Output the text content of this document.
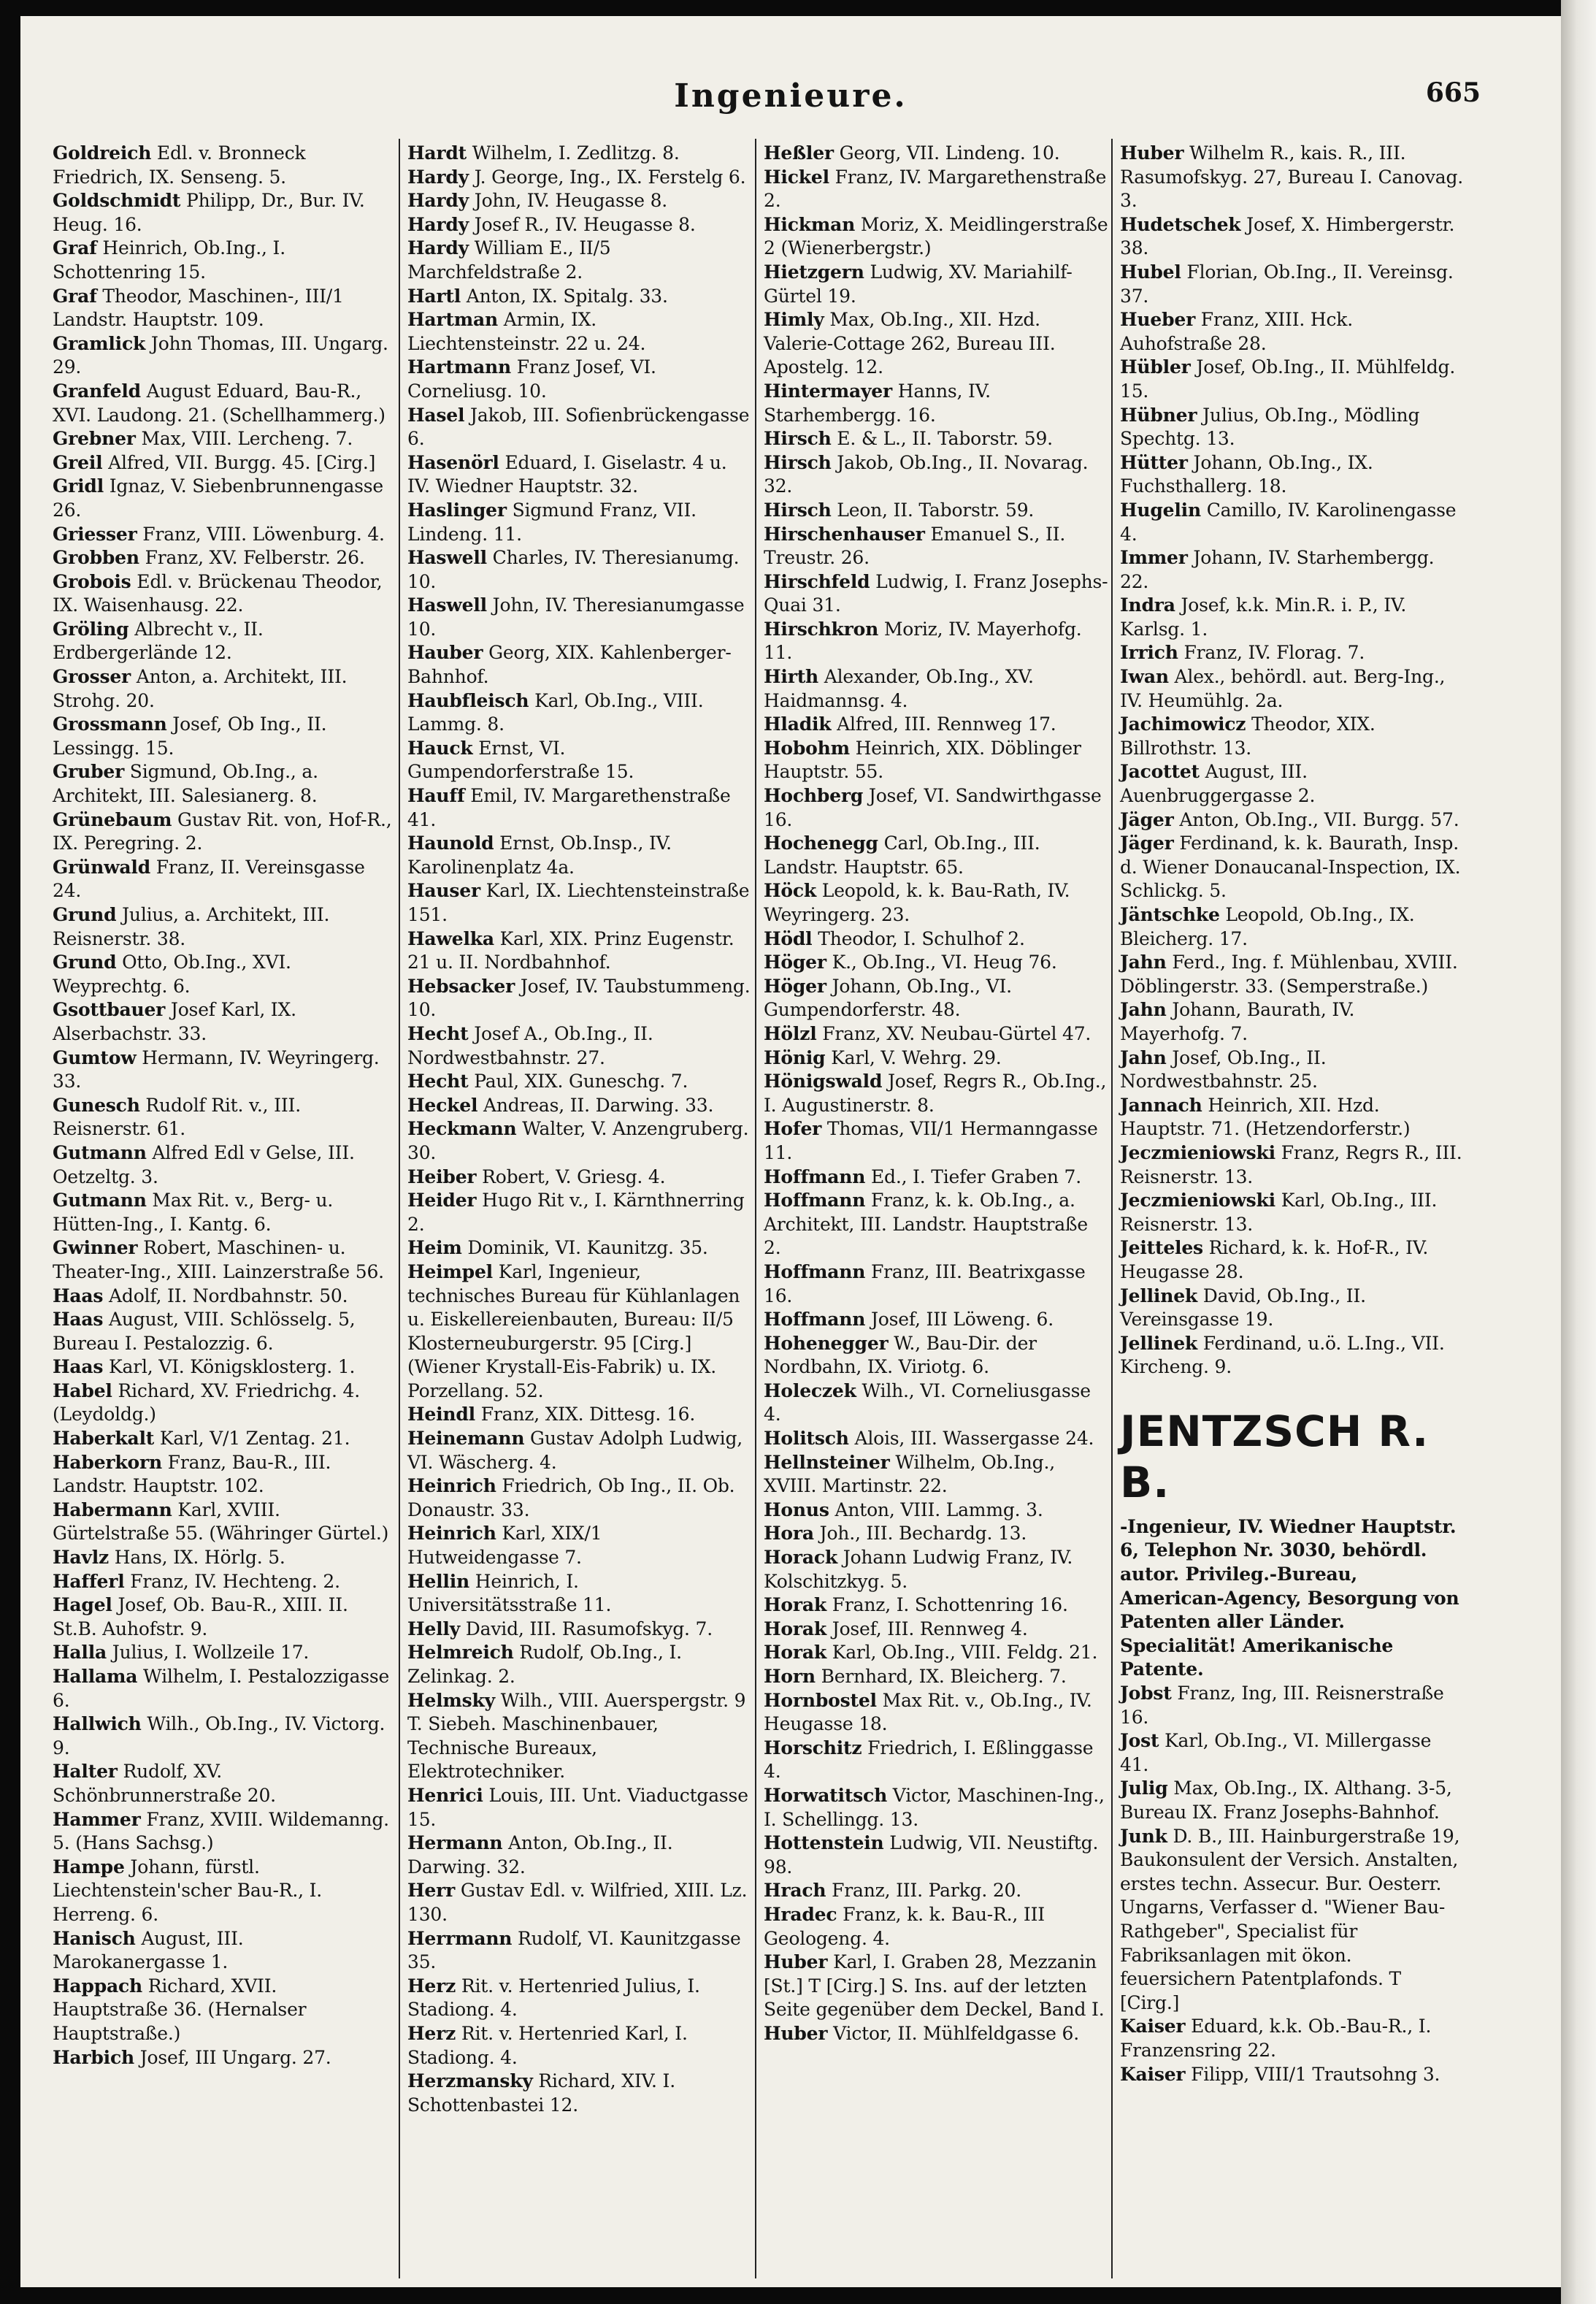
Ingenieure.	665

Goldreich Edl. v. Bronneck Friedrich, IX. Senseng. 5.

Goldschmidt Philipp, Dr., Bur. IV. Heug. 16.

Graf Heinrich, Ob.Ing., I. Schottenring 15.

Graf Theodor, Maschinen-, III/1 Landstr. Hauptstr. 109.

Gramlick John Thomas, III. Ungarg. 29.

Granfeld August Eduard, Bau-R., XVI. Laudong. 21. (Schellhammerg.)

Grebner Max, VIII. Lercheng. 7.

Greil Alfred, VII. Burgg. 45. [Cirg.]

Gridl Ignaz, V. Siebenbrunnengasse 26.

Griesser Franz, VIII. Löwenburg. 4.

Grobben Franz, XV. Felberstr. 26.

Grobois Edl. v. Brückenau Theodor, IX. Waisenhausg. 22.

Gröling Albrecht v., II. Erdbergerlände 12.

Grosser Anton, a. Architekt, III. Strohg. 20.

Grossmann Josef, Ob Ing., II. Lessingg. 15.

Gruber Sigmund, Ob.Ing., a. Architekt, III. Salesianerg. 8.

Grünebaum Gustav Rit. von, Hof-R., IX. Peregring. 2.

Grünwald Franz, II. Vereinsgasse 24.

Grund Julius, a. Architekt, III. Reisnerstr. 38.

Grund Otto, Ob.Ing., XVI. Weyprechtg. 6.

Gsottbauer Josef Karl, IX. Alserbachstr. 33.

Gumtow Hermann, IV. Weyringerg. 33.

Gunesch Rudolf Rit. v., III. Reisnerstr. 61.

Gutmann Alfred Edl v Gelse, III. Oetzeltg. 3.

Gutmann Max Rit. v., Berg- u. Hütten-Ing., I. Kantg. 6.

Gwinner Robert, Maschinen- u. Theater-Ing., XIII. Lainzerstraße 56.

Haas Adolf, II. Nordbahnstr. 50.

Haas August, VIII. Schlösselg. 5, Bureau I. Pestalozzig. 6.

Haas Karl, VI. Königsklosterg. 1.

Habel Richard, XV. Friedrichg. 4. (Leydoldg.)

Haberkalt Karl, V/1 Zentag. 21.

Haberkorn Franz, Bau-R., III. Landstr. Hauptstr. 102.

Habermann Karl, XVIII. Gürtelstraße 55. (Währinger Gürtel.)

Havlz Hans, IX. Hörlg. 5.

Hafferl Franz, IV. Hechteng. 2.

Hagel Josef, Ob. Bau-R., XIII. II. St.B. Auhofstr. 9.

Halla Julius, I. Wollzeile 17.

Hallama Wilhelm, I. Pestalozzigasse 6.

Hallwich Wilh., Ob.Ing., IV. Victorg. 9.

Halter Rudolf, XV. Schönbrunnerstraße 20.

Hammer Franz, XVIII. Wildemanng. 5. (Hans Sachsg.)

Hampe Johann, fürstl. Liechtenstein'scher Bau-R., I. Herreng. 6.

Hanisch August, III. Marokanergasse 1.

Happach Richard, XVII. Hauptstraße 36. (Hernalser Hauptstraße.)

Harbich Josef, III Ungarg. 27.

Hardt Wilhelm, I. Zedlitzg. 8.

Hardy J. George, Ing., IX. Ferstelg 6.

Hardy John, IV. Heugasse 8.

Hardy Josef R., IV. Heugasse 8.

Hardy William E., II/5 Marchfeldstraße 2.

Hartl Anton, IX. Spitalg. 33.

Hartman Armin, IX. Liechtensteinstr. 22 u. 24.

Hartmann Franz Josef, VI. Corneliusg. 10.

Hasel Jakob, III. Sofienbrückengasse 6.

Hasenörl Eduard, I. Giselastr. 4 u. IV. Wiedner Hauptstr. 32.

Haslinger Sigmund Franz, VII. Lindeng. 11.

Haswell Charles, IV. Theresianumg. 10.

Haswell John, IV. Theresianumgasse 10.

Hauber Georg, XIX. Kahlenberger-Bahnhof.

Haubfleisch Karl, Ob.Ing., VIII. Lammg. 8.

Hauck Ernst, VI. Gumpendorferstraße 15.

Hauff Emil, IV. Margarethenstraße 41.

Haunold Ernst, Ob.Insp., IV. Karolinenplatz 4a.

Hauser Karl, IX. Liechtensteinstraße 151.

Hawelka Karl, XIX. Prinz Eugenstr. 21 u. II. Nordbahnhof.

Hebsacker Josef, IV. Taubstummeng. 10.

Hecht Josef A., Ob.Ing., II. Nordwestbahnstr. 27.

Hecht Paul, XIX. Guneschg. 7.

Heckel Andreas, II. Darwing. 33.

Heckmann Walter, V. Anzengruberg. 30.

Heiber Robert, V. Griesg. 4.

Heider Hugo Rit v., I. Kärnthnerring 2.

Heim Dominik, VI. Kaunitzg. 35.

Heimpel Karl, Ingenieur, technisches Bureau für Kühlanlagen u. Eiskellereienbauten, Bureau: II/5 Klosterneuburgerstr. 95 [Cirg.] (Wiener Krystall-Eis-Fabrik) u. IX. Porzellang. 52.

Heindl Franz, XIX. Dittesg. 16.

Heinemann Gustav Adolph Ludwig, VI. Wäscherg. 4.

Heinrich Friedrich, Ob Ing., II. Ob. Donaustr. 33.

Heinrich Karl, XIX/1 Hutweidengasse 7.

Hellin Heinrich, I. Universitätsstraße 11.

Helly David, III. Rasumofskyg. 7.

Helmreich Rudolf, Ob.Ing., I. Zelinkag. 2.

Helmsky Wilh., VIII. Auerspergstr. 9 T. Siebeh. Maschinenbauer, Technische Bureaux, Elektrotechniker.

Henrici Louis, III. Unt. Viaductgasse 15.

Hermann Anton, Ob.Ing., II. Darwing. 32.

Herr Gustav Edl. v. Wilfried, XIII. Lz. 130.

Herrmann Rudolf, VI. Kaunitzgasse 35.

Herz Rit. v. Hertenried Julius, I. Stadiong. 4.

Herz Rit. v. Hertenried Karl, I. Stadiong. 4.

Herzmansky Richard, XIV. I. Schottenbastei 12.

Heßler Georg, VII. Lindeng. 10.

Hickel Franz, IV. Margarethenstraße 2.

Hickman Moriz, X. Meidlingerstraße 2 (Wienerbergstr.)

Hietzgern Ludwig, XV. Mariahilf-Gürtel 19.

Himly Max, Ob.Ing., XII. Hzd. Valerie-Cottage 262, Bureau III. Apostelg. 12.

Hintermayer Hanns, IV. Starhembergg. 16.

Hirsch E. & L., II. Taborstr. 59.

Hirsch Jakob, Ob.Ing., II. Novarag. 32.

Hirsch Leon, II. Taborstr. 59.

Hirschenhauser Emanuel S., II. Treustr. 26.

Hirschfeld Ludwig, I. Franz Josephs-Quai 31.

Hirschkron Moriz, IV. Mayerhofg. 11.

Hirth Alexander, Ob.Ing., XV. Haidmannsg. 4.

Hladik Alfred, III. Rennweg 17.

Hobohm Heinrich, XIX. Döblinger Hauptstr. 55.

Hochberg Josef, VI. Sandwirthgasse 16.

Hochenegg Carl, Ob.Ing., III. Landstr. Hauptstr. 65.

Höck Leopold, k. k. Bau-Rath, IV. Weyringerg. 23.

Hödl Theodor, I. Schulhof 2.

Höger K., Ob.Ing., VI. Heug 76.

Höger Johann, Ob.Ing., VI. Gumpendorferstr. 48.

Hölzl Franz, XV. Neubau-Gürtel 47.

Hönig Karl, V. Wehrg. 29.

Hönigswald Josef, Regrs R., Ob.Ing., I. Augustinerstr. 8.

Hofer Thomas, VII/1 Hermanngasse 11.

Hoffmann Ed., I. Tiefer Graben 7.

Hoffmann Franz, k. k. Ob.Ing., a. Architekt, III. Landstr. Hauptstraße 2.

Hoffmann Franz, III. Beatrixgasse 16.

Hoffmann Josef, III Löweng. 6.

Hohenegger W., Bau-Dir. der Nordbahn, IX. Viriotg. 6.

Holeczek Wilh., VI. Corneliusgasse 4.

Holitsch Alois, III. Wassergasse 24.

Hellnsteiner Wilhelm, Ob.Ing., XVIII. Martinstr. 22.

Honus Anton, VIII. Lammg. 3.

Hora Joh., III. Bechardg. 13.

Horack Johann Ludwig Franz, IV. Kolschitzkyg. 5.

Horak Franz, I. Schottenring 16.

Horak Josef, III. Rennweg 4.

Horak Karl, Ob.Ing., VIII. Feldg. 21.

Horn Bernhard, IX. Bleicherg. 7.

Hornbostel Max Rit. v., Ob.Ing., IV. Heugasse 18.

Horschitz Friedrich, I. Eßlinggasse 4.

Horwatitsch Victor, Maschinen-Ing., I. Schellingg. 13.

Hottenstein Ludwig, VII. Neustiftg. 98.

Hrach Franz, III. Parkg. 20.

Hradec Franz, k. k. Bau-R., III Geologeng. 4.

Huber Karl, I. Graben 28, Mezzanin [St.] T [Cirg.] S. Ins. auf der letzten Seite gegenüber dem Deckel, Band I.

Huber Victor, II. Mühlfeldgasse 6.

Huber Wilhelm R., kais. R., III. Rasumofskyg. 27, Bureau I. Canovag. 3.

Hudetschek Josef, X. Himbergerstr. 38.

Hubel Florian, Ob.Ing., II. Vereinsg. 37.

Hueber Franz, XIII. Hck. Auhofstraße 28.

Hübler Josef, Ob.Ing., II. Mühlfeldg. 15.

Hübner Julius, Ob.Ing., Mödling Spechtg. 13.

Hütter Johann, Ob.Ing., IX. Fuchsthallerg. 18.

Hugelin Camillo, IV. Karolinengasse 4.

Immer Johann, IV. Starhembergg. 22.

Indra Josef, k.k. Min.R. i. P., IV. Karlsg. 1.

Irrich Franz, IV. Florag. 7.

Iwan Alex., behördl. aut. Berg-Ing., IV. Heumühlg. 2a.

Jachimowicz Theodor, XIX. Billrothstr. 13.

Jacottet August, III. Auenbruggergasse 2.

Jäger Anton, Ob.Ing., VII. Burgg. 57.

Jäger Ferdinand, k. k. Baurath, Insp. d. Wiener Donaucanal-Inspection, IX. Schlickg. 5.

Jäntschke Leopold, Ob.Ing., IX. Bleicherg. 17.

Jahn Ferd., Ing. f. Mühlenbau, XVIII. Döblingerstr. 33. (Semperstraße.)

Jahn Johann, Baurath, IV. Mayerhofg. 7.

Jahn Josef, Ob.Ing., II. Nordwestbahnstr. 25.

Jannach Heinrich, XII. Hzd. Hauptstr. 71. (Hetzendorferstr.)

Jeczmieniowski Franz, Regrs R., III. Reisnerstr. 13.

Jeczmieniowski Karl, Ob.Ing., III. Reisnerstr. 13.

Jeitteles Richard, k. k. Hof-R., IV. Heugasse 28.

Jellinek David, Ob.Ing., II. Vereinsgasse 19.

Jellinek Ferdinand, u.ö. L.Ing., VII. Kircheng. 9.

JENTZSCH R. B.
-Ingenieur, IV. Wiedner Hauptstr. 6, Telephon Nr. 3030, behördl. autor. Privileg.-Bureau, American-Agency, Besorgung von Patenten aller Länder. Specialität! Amerikanische Patente.

Jobst Franz, Ing, III. Reisnerstraße 16.

Jost Karl, Ob.Ing., VI. Millergasse 41.

Julig Max, Ob.Ing., IX. Althang. 3-5, Bureau IX. Franz Josephs-Bahnhof.

Junk D. B., III. Hainburgerstraße 19, Baukonsulent der Versich. Anstalten, erstes techn. Assecur. Bur. Oesterr. Ungarns, Verfasser d. "Wiener Bau-Rathgeber", Specialist für Fabriksanlagen mit ökon. feuersichern Patentplafonds. T [Cirg.]

Kaiser Eduard, k.k. Ob.-Bau-R., I. Franzensring 22.

Kaiser Filipp, VIII/1 Trautsohng 3.
